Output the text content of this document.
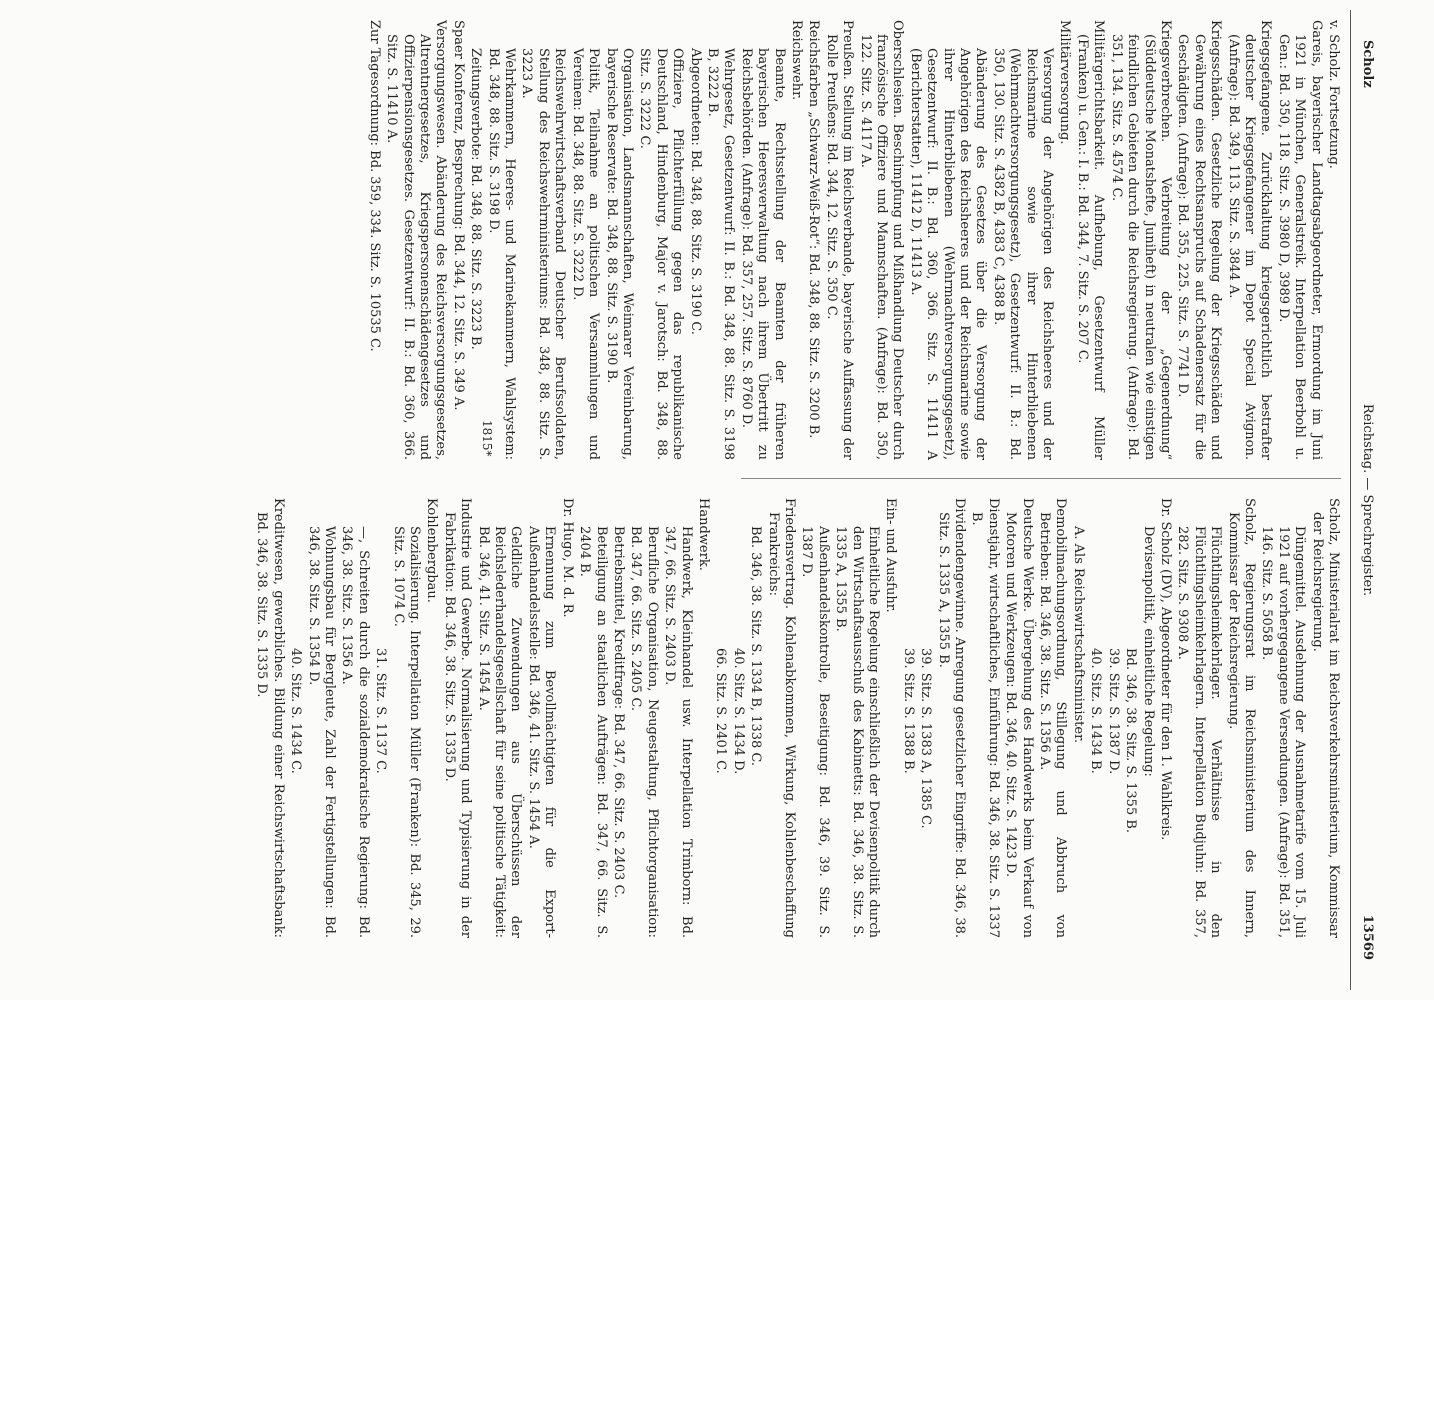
Scholz
Reichstag. — Sprechregister.
13569

v. Scholz. Fortsetzung.

Gareis, bayerischer Landtagsabgeordneter, Ermordung im Juni 1921 in München, Generalstreik. Interpellation Beerbohl u. Gen.: Bd. 350, 118. Sitz. S. 3980 D, 3989 D.

Kriegsgefangene. Zurückhaltung kriegsgerichtlich bestrafter deutscher Kriegsgefangener im Depot Special Avignon. (Anfrage): Bd. 349, 113. Sitz. S. 3844 A.

Kriegsschäden. Gesetzliche Regelung der Kriegsschäden und Gewährung eines Rechtsanspruchs auf Schadenersatz für die Geschädigten. (Anfrage): Bd. 355, 225. Sitz. S. 7741 D.

Kriegsverbrechen. Verbreitung der „Gegenerdnung“ (Süddeutsche Monatshefte, Juniheft) in neutralen wie einstigen feindlichen Gebieten durch die Reichsregierung. (Anfrage): Bd. 351, 134. Sitz. S. 4574 C.

Militärgerichtsbarkeit. Aufhebung, Gesetzentwurf Müller (Franken) u. Gen.: I. B.: Bd. 344, 7. Sitz. S. 207 C.

Militärversorgung.

Versorgung der Angehörigen des Reichsheeres und der Reichsmarine sowie ihrer Hinterbliebenen (Wehrmachtversorgungsgesetz), Gesetzentwurf: II. B.: Bd. 350, 130. Sitz. S. 4382 B, 4383 C, 4388 B.

Abänderung des Gesetzes über die Versorgung der Angehörigen des Reichsheeres und der Reichsmarine sowie ihrer Hinterbliebenen (Wehrmachtversorgungsgesetz), Gesetzentwurf: II. B.: Bd. 360, 366. Sitz. S. 11411 A (Berichterstatter), 11412 D, 11413 A.

Oberschlesien. Beschimpfung und Mißhandlung Deutscher durch französische Offiziere und Mannschaften. (Anfrage): Bd. 350, 122. Sitz. S. 4117 A.

Preußen. Stellung im Reichsverbande, bayerische Auffassung der Rolle Preußens: Bd. 344, 12. Sitz. S. 350 C.

Reichsfarben „Schwarz-Weiß-Rot“: Bd. 348, 88. Sitz. S. 3200 B.

Reichswehr.

Beamte, Rechtsstellung der Beamten der früheren bayerischen Heeresverwaltung nach ihrem Übertritt zu Reichsbehörden. (Anfrage): Bd. 357, 257. Sitz. S. 8760 D.

Wehrgesetz, Gesetzentwurf: II. B.: Bd. 348, 88. Sitz. S. 3198 B, 3222 B.

Abgeordneten: Bd. 348, 88. Sitz. S. 3190 C.

Offiziere, Pflichterfüllung gegen das republikanische Deutschland, Hindenburg, Major v. Jarotsch: Bd. 348, 88. Sitz. S. 3222 C.

Organisation, Landsmannschaften, Weimarer Vereinbarung, bayerische Reservate: Bd. 348, 88. Sitz. S. 3190 B.

Politik, Teilnahme an politischen Versammlungen und Vereinen: Bd. 348, 88. Sitz. S. 3222 D.

Reichswehrwirtschaftsverband Deutscher Berufssoldaten, Stellung des Reichswehrministeriums: Bd. 348, 88. Sitz. S. 3223 A.

Wehrkammern, Heeres- und Marinekammern, Wahlsystem: Bd. 348, 88. Sitz. S. 3198 D.

Zeitungsverbote: Bd. 348, 88. Sitz. S. 3223 B.

Spaer Konferenz, Besprechung: Bd. 344, 12. Sitz. S. 349 A.

Versorgungswesen. Abänderung des Reichsversorgungsgesetzes, Altrentnergesetzes, Kriegspersonenschädengesetzes und Offizierpensionsgesetzes. Gesetzentwurf: II. B.: Bd. 360, 366. Sitz. S. 11410 A.

Zur Tagesordnung: Bd. 359, 334. Sitz. S. 10535 C.

Scholz, Ministerialrat im Reichsverkehrsministerium, Kommissar der Reichsregierung.

Düngemittel. Ausdehnung der Ausnahmetarife vom 15. Juli 1921 auf vorhergegangene Versendungen. (Anfrage): Bd. 351, 146. Sitz. S. 5058 B.

Scholz, Regierungsrat im Reichsministerium des Innern, Kommissar der Reichsregierung.

Flüchtlingsheimkehrlager. Verhältnisse in den Flüchtlingsheimkehrlagern. Interpellation Budjuhn: Bd. 357, 282. Sitz. S. 9308 A.

Dr. Scholz (DV), Abgeordneter für den 1. Wahlkreis.

Devisenpolitik, einheitliche Regelung:

Bd. 346, 38. Sitz. S. 1355 B.

39. Sitz. S. 1387 D.

40. Sitz. S. 1434 B.

A. Als Reichswirtschaftsminister.

Demobilmachungsordnung, Stillegung und Abbruch von Betrieben: Bd. 346, 38. Sitz. S. 1356 A.

Deutsche Werke. Übergehung des Handwerks beim Verkauf von Motoren und Werkzeugen: Bd. 346, 40. Sitz. S. 1423 D.

Dienstjahr, wirtschaftliches, Einführung: Bd. 346, 38. Sitz. S. 1337 B.

Dividendengewinne. Anregung gesetzlicher Eingriffe: Bd. 346, 38. Sitz. S. 1335 A, 1355 B.

39. Sitz. S. 1383 A, 1385 C.

39. Sitz. S. 1388 B.

Ein- und Ausfuhr.

Einheitliche Regelung einschließlich der Devisenpolitik durch den Wirtschaftsausschuß des Kabinetts: Bd. 346, 38. Sitz. S. 1335 A, 1355 B.

Außenhandelskontrolle, Beseitigung: Bd. 346, 39. Sitz. S. 1387 D.

Friedensvertrag. Kohlenabkommen, Wirkung, Kohlenbeschaffung Frankreichs:

Bd. 346, 38. Sitz. S. 1334 B, 1338 C.

40. Sitz. S. 1434 D.

66. Sitz. S. 2401 C.

Handwerk.

Handwerk, Kleinhandel usw. Interpellation Trimborn: Bd. 347, 66. Sitz. S. 2403 D.

Berufliche Organisation, Neugestaltung, Pflichtorganisation: Bd. 347, 66. Sitz. S. 2405 C.

Betriebsmittel, Kreditfrage: Bd. 347, 66. Sitz. S. 2403 C.

Beteiligung an staatlichen Aufträgen: Bd. 347, 66. Sitz. S. 2404 B.

Dr. Hugo, M. d. R.

Ernennung zum Bevollmächtigten für die Export-Außenhandelsstelle: Bd. 346, 41. Sitz. S. 1454 A.

Geldliche Zuwendungen aus Überschüssen der Reichslederhandelsgesellschaft für seine politische Tätigkeit: Bd. 346, 41. Sitz. S. 1454 A.

Industrie und Gewerbe. Normalisierung und Typisierung in der Fabrikation: Bd. 346, 38. Sitz. S. 1335 D.

Kohlenbergbau.

Sozialisierung. Interpellation Müller (Franken): Bd. 345, 29. Sitz. S. 1074 C.

31. Sitz. S. 1137 C.

—, Schreiten durch die sozialdemokratische Regierung: Bd. 346, 38. Sitz. S. 1356 A.

Wohnungsbau für Bergleute, Zahl der Fertigstellungen: Bd. 346, 38. Sitz. S. 1354 D.

40. Sitz. S. 1434 C.

Kreditwesen, gewerbliches. Bildung einer Reichswirtschaftsbank: Bd. 346, 38. Sitz. S. 1335 D.

1815*
